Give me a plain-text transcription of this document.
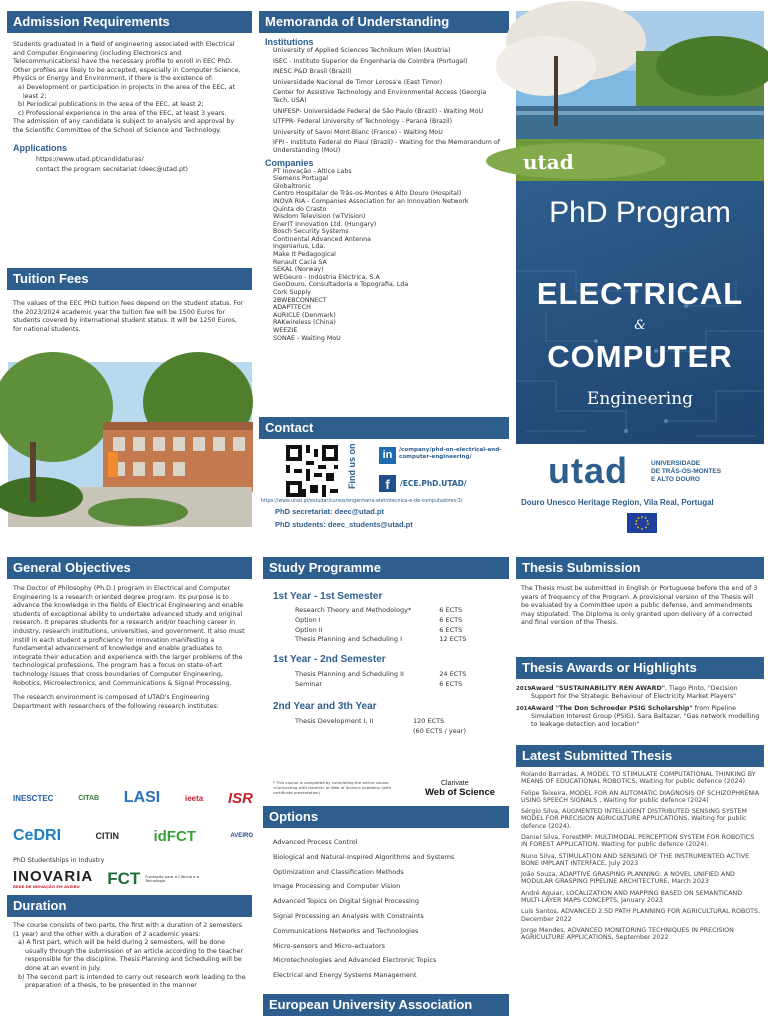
Admission Requirements

Students graduated in a field of engineering associated with Electrical and Computer Engineering (including Electronics and Telecommunications) have the necessary profile to enroll in EEC PhD.

Other profiles are likely to be accepted, especially in Computer Science, Physics or Energy and Environment, if there is the existence of:

a) Development or participation in projects in the area of the EEC, at least 2;

b) Periodical publications in the area of the EEC, at least 2;

c) Professional experience in the area of the EEC, at least 3 years.

The admission of any candidate is subject to analysis and approval by the Scientific Committee of the School of Science and Technology.

Applications

https://www.utad.pt/candidaturas/

contact the program secretariat (deec@utad.pt)

Tuition Fees

The values of the EEC PhD tuition fees depend on the student status. For the 2023/2024 academic year the tuition fee will be 1500 Euros for students covered by international student status. It will be 1250 Euros, for national students.

Memoranda of Understanding

Institutions

University of Applied Sciences Technikum Wien (Austria)

ISEC - Instituto Superior de Engenharia de Coimbra (Portugal)

INESC P&D Brasil (Brazil)

Universidade Nacional de Timor Lorosa'e (East Timor)

Center for Assistive Technology and Environmental Access (Georgia Tech, USA)

UNIFESP- Universidade Federal de São Paulo (Brazil) - Waiting MoU

UTFPR- Federal University of Technology - Paraná (Brazil)

University of Savoi Mont-Blanc (France) - Waiting MoU

IFPI - Instituto Federal do Piauí (Brazil) - Waiting for the Memorandum of Understanding (MoU)

Companies

PT Inovação - Altice Labs

Siemens Portugal

Globaltronic

Centro Hospitalar de Trás-os-Montes e Alto Douro (Hospital)

INOVA RIA - Companies Association for an Innovation Network

Quinta do Crasto

Wisdom Television (wTVision)

EnerIT Innovation Ltd. (Hungary)

Bosch Security Systems

Continental Advanced Antenna

Ingeniarius, Lda.

Make It Pedagogical

Renault Cacia SA

SEKAL (Norway)

WEGeuro - Indústria Eléctrica, S.A

GeoDouro, Consultadoria e Topografia, Lda

Cork Supply

2BWEBCONNECT

ADAPTTECH

AURICLE (Denmark)

RAKwireless (China)

WEEZIE

SONAE - Waiting MoU

Contact
Find us on	in	/company/phd-on-electrical-and-computer-engineering/
f	/ECE.PhD.UTAD/

https://www.utad.pt/estudar/cursos/engenharia-eletrotecnica-e-de-computadores-3/

PhD secretariat: deec@utad.pt

PhD students: deec_students@utad.pt

utad
PhD Program
ELECTRICAL
&
COMPUTER
Engineering
utad	UNIVERSIDADE
DE TRÁS-OS-MONTES
E ALTO DOURO
Douro Unesco Heritage Region, Vila Real, Portugal
General Objectives

The Doctor of Philosophy (Ph.D.) program in Electrical and Computer Engineering is a research oriented degree program. Its purpose is to advance the knowledge in the fields of Electrical Engineering and enable students of exceptional ability to undertake advanced study and original research. It prepares students for a research and/or teaching career in industry, research institutions, universities, and government. It also must instill in each student a proficiency for innovation manifesting a fundamental advancement of knowledge and enable graduates to integrate their education and experience with the larger problems of the technological professions. The program has a focus on state-of-art technology issues that cross boundaries of Computer Engineering, Robotics, Microelectronics, and Communications & Signal Processing.

The research environment is composed of UTAD's Engineering Department with researchers of the following research institutes:

INESCTEC	CITAB LASI	ieeta ISR
CeDRI	CITIN idFCT	AVEIRO

PhD Studentships in Industry

INOVARIA
REDE DE INOVAÇÃO EM AVEIRO	FCT Fundação para a Ciência e a Tecnologia
Duration

The course consists of two parts, the first with a duration of 2 semesters (1 year) and the other with a duration of 2 academic years:

a) A first part, which will be held during 2 semesters, will be done usually through the submission of an article according to the teacher responsible for the discipline. Thesis Planning and Scheduling will be done at an event in July.

b) The second part is intended to carry out research work leading to the preparation of a thesis, to be presented in the manner

Study Programme

1st Year - 1st Semester

Research Theory and Methodology*	6 ECTS
Option I	6 ECTS
Option II	6 ECTS
Thesis Planning and Scheduling I	12 ECTS

1st Year - 2nd Semester

Thesis Planning and Scheduling II	24 ECTS
Seminar	6 ECTS

2nd Year and 3th Year

Thesis Development I, II	120 ECTS
(60 ECTS / year)

* This course is completed by completing the online course «Connecting with Hamlet» at Web of Science Academy (with certificate presentation)

Clarivate
Web of Science
Options

Advanced Process Control

Biological and Natural-Inspired Algorithms and Systems

Optimization and Classification Methods

Image Processing and Computer Vision

Advanced Topics on Digital Signal Processing

Signal Processing an Analysis with Constraints

Communications Networks and Technologies

Micro-sensors and Micro-actuators

Microtechnologies and Advanced Electronic Topics

Electrical and Energy Systems Management

European University Association
Thesis Submission

The Thesis must be submitted in English or Portuguese before the end of 3 years of frequency of the Program. A provisional version of the Thesis will be evaluated by a Committee upon a public defense, and ammendments may stipulated. The Diploma is only granted upon delivery of a corrected and final version of the Thesis.

Thesis Awards or Highlights
2019 Award "SUSTAINABILITY REN AWARD", Tiago Pinto, "Decision Support for the Strategic Behaviour of Electricity Market Players"
2014 Award "The Don Schroeder PSIG Scholarship" from Pipeline Simulation Interest Group (PSIG), Sara Baltazar, "Gas network modelling to leakage detection and location"
Latest Submitted Thesis

Rolando Barradas, A MODEL TO STIMULATE COMPUTATIONAL THINKING BY MEANS OF EDUCATIONAL ROBOTICS, Waiting for public defence (2024)

Felipe Teixeira, MODEL FOR AN AUTOMATIC DIAGNOSIS OF SCHIZOPHRENIA USING SPEECH SIGNALS , Waiting for public defence (2024)

Sérgio Silva, AUGMENTED INTELLIGENT DISTRIBUTED SENSING SYSTEM MODEL FOR PRECISION AGRICULTURE APPLICATIONS, Waiting for public defence (2024).

Daniel Silva, ForestMP: MULTIMODAL PERCEPTION SYSTEM FOR ROBOTICS IN FOREST APPLICATION, Waiting for public defence (2024).

Nuno Silva, STIMULATION AND SENSING OF THE INSTRUMENTED ACTIVE BONE IMPLANT INTERFACE, July 2023

João Souza, ADAPTIVE GRASPING PLANNING: A NOVEL UNIFIED AND MODULAR GRASPING PIPELINE ARCHITECTURE, March 2023

André Aguiar, LOCALIZATION AND MAPPING BASED ON SEMANTICAND MULTI-LAYER MAPS CONCEPTS, January 2023

Luís Santos, ADVANCED 2.5D PATH PLANNING FOR AGRICULTURAL ROBOTS, December 2022

Jorge Mendes, ADVANCED MONITORING TECHNIQUES IN PRECISION AGRICULTURE APPLICATIONS, September 2022
